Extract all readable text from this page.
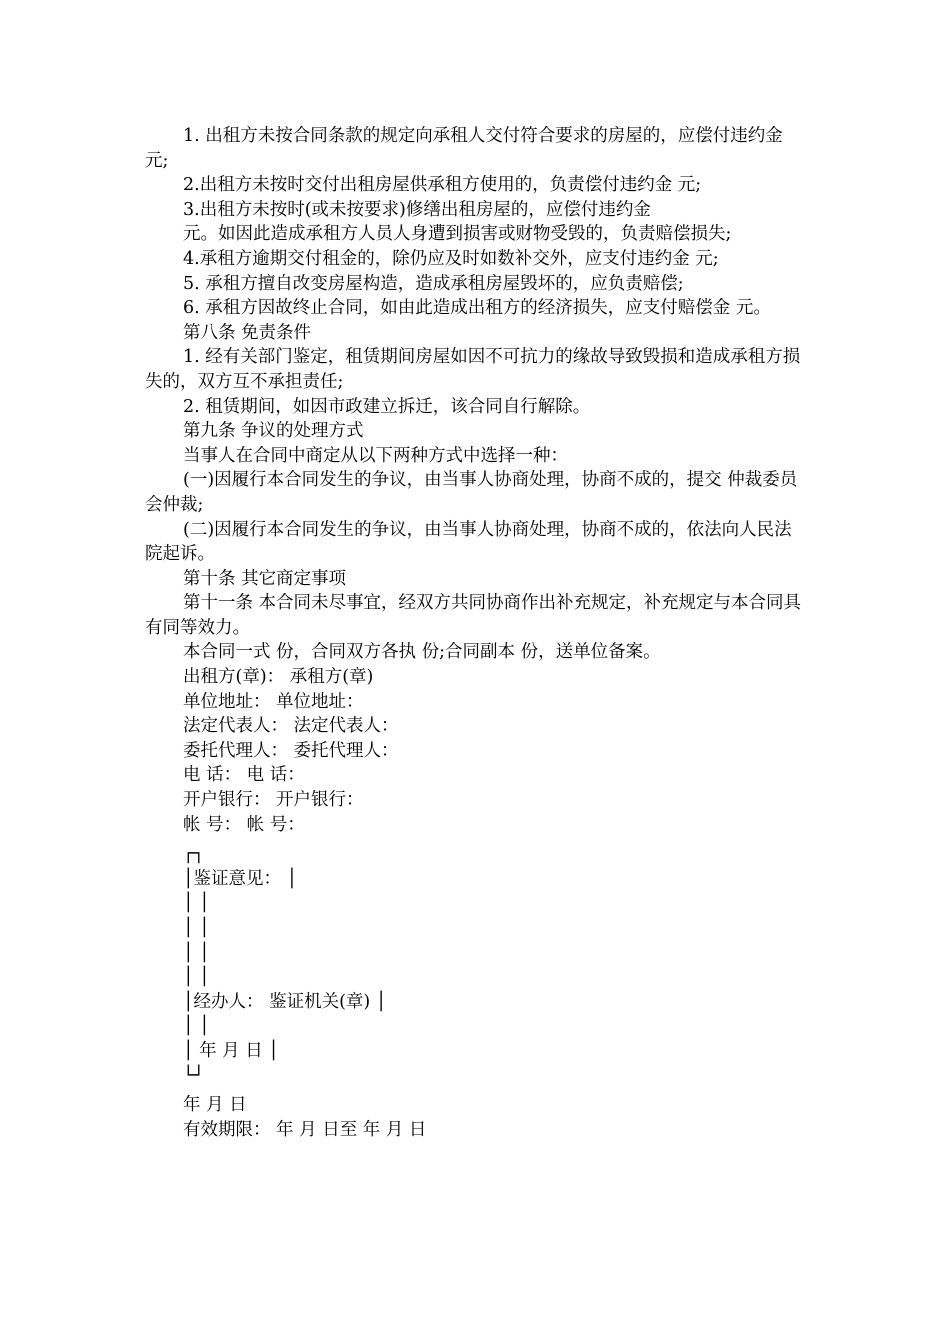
1. 出租方未按合同条款的规定向承租人交付符合要求的房屋的，应偿付违约金 元;

2.出租方未按时交付出租房屋供承租方使用的，负责偿付违约金 元;

3.出租方未按时(或未按要求)修缮出租房屋的，应偿付违约金

元。如因此造成承租方人员人身遭到损害或财物受毁的，负责赔偿损失;

4.承租方逾期交付租金的，除仍应及时如数补交外，应支付违约金 元;

5. 承租方擅自改变房屋构造，造成承租房屋毁坏的，应负责赔偿;

6. 承租方因故终止合同，如由此造成出租方的经济损失，应支付赔偿金 元。

第八条 免责条件

1. 经有关部门鉴定，租赁期间房屋如因不可抗力的缘故导致毁损和造成承租方损失的，双方互不承担责任;

2. 租赁期间，如因市政建立拆迁，该合同自行解除。

第九条 争议的处理方式

当事人在合同中商定从以下两种方式中选择一种：

(一)因履行本合同发生的争议，由当事人协商处理，协商不成的，提交 仲裁委员会仲裁;

(二)因履行本合同发生的争议，由当事人协商处理，协商不成的，依法向人民法院起诉。

第十条 其它商定事项

第十一条 本合同未尽事宜，经双方共同协商作出补充规定，补充规定与本合同具有同等效力。

本合同一式 份，合同双方各执 份;合同副本 份，送单位备案。

出租方(章)： 承租方(章)

单位地址： 单位地址：

法定代表人： 法定代表人：

委托代理人： 委托代理人：

电 话： 电 话：

开户银行： 开户银行：

帐 号： 帐 号：

┌┐

│鉴证意见： │

│ │

│ │

│ │

│ │

│经办人： 鉴证机关(章) │

│ │

│ 年 月 日 │

└┘

年 月 日

有效期限： 年 月 日至 年 月 日
